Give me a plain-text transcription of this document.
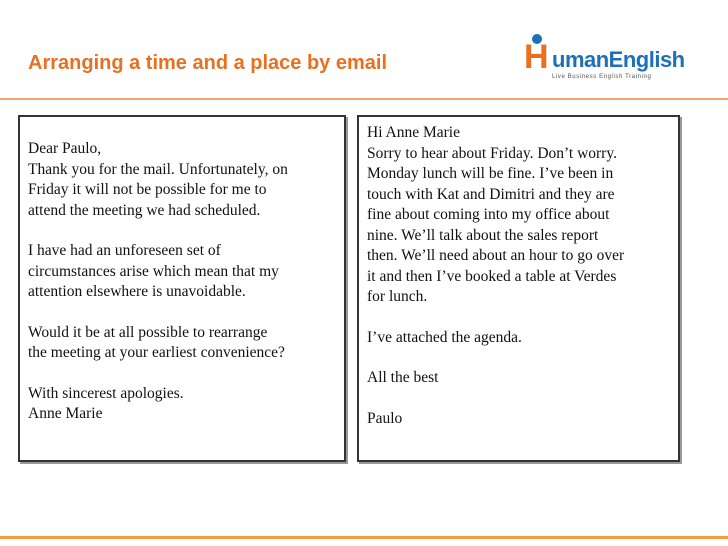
Arranging a time and a place by email	H umanEnglish
Live Business English Training
Dear Paulo,
Thank you for the mail. Unfortunately, on
Friday it will not be possible for me to
attend the meeting we had scheduled.
I have had an unforeseen set of
circumstances arise which mean that my
attention elsewhere is unavoidable.
Would it be at all possible to rearrange
the meeting at your earliest convenience?
With sincerest apologies.
Anne Marie
Hi Anne Marie
Sorry to hear about Friday. Don’t worry.
Monday lunch will be fine. I’ve been in
touch with Kat and Dimitri and they are
fine about coming into my office about
nine. We’ll talk about the sales report
then. We’ll need about an hour to go over
it and then I’ve booked a table at Verdes
for lunch.
I’ve attached the agenda.
All the best
Paulo
